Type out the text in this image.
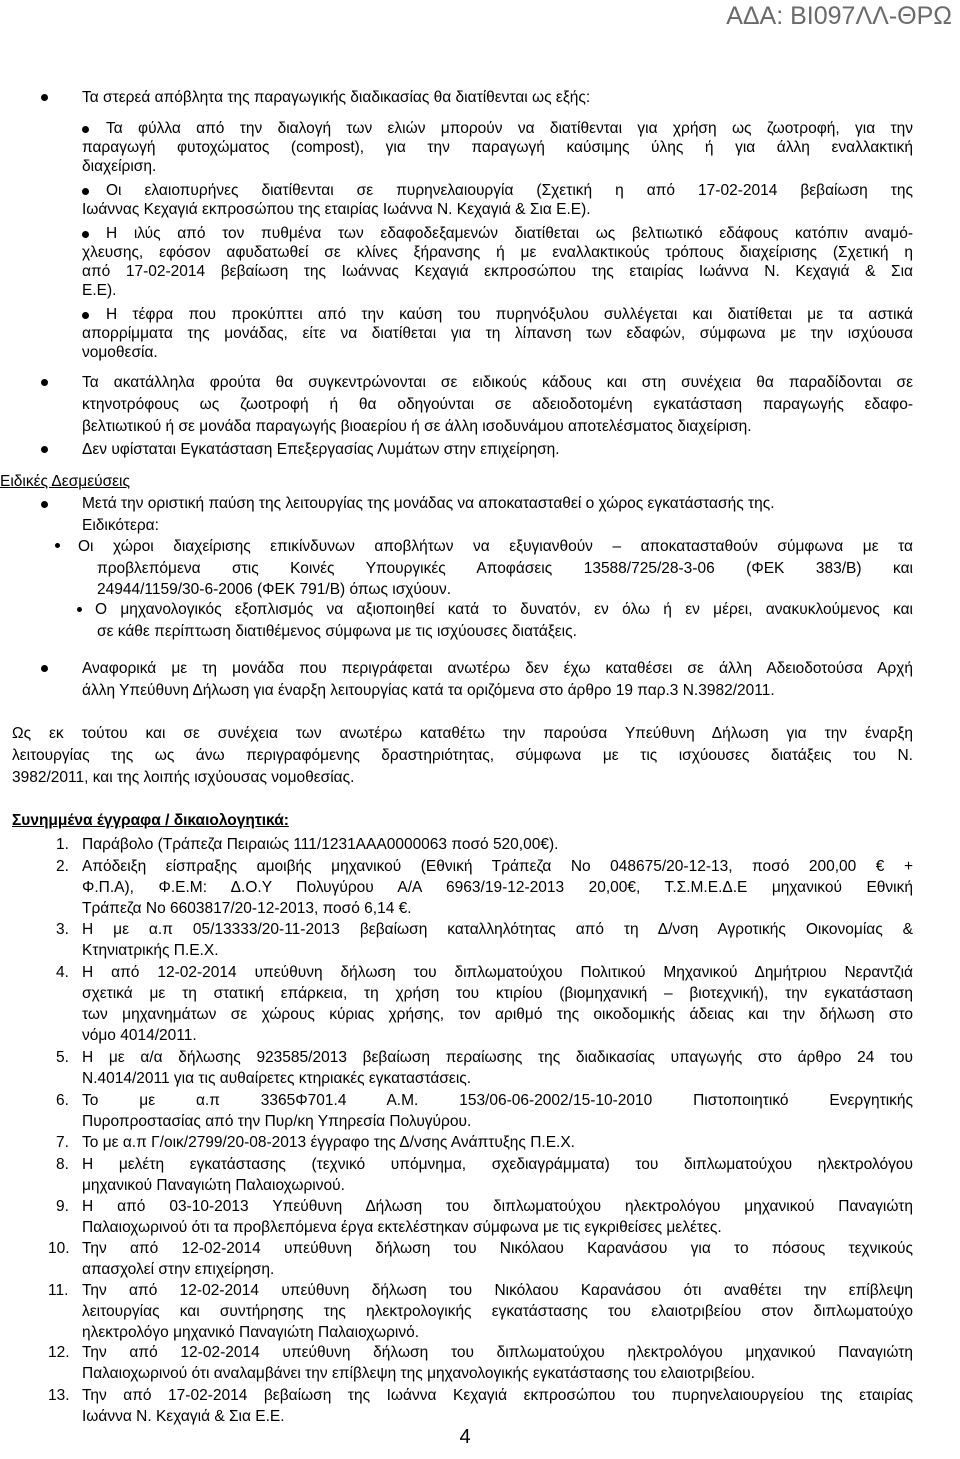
ΑΔΑ: ΒΙ097ΛΛ-ΘΡΩ
Τα στερεά απόβλητα της παραγωγικής διαδικασίας θα διατίθενται ως εξής:
Τα φύλλα από την διαλογή των ελιών μπορούν να διατίθενται για χρήση ως ζωοτροφή, για την
παραγωγή φυτοχώματος (compost), για την παραγωγή καύσιμης ύλης ή για άλλη εναλλακτική
διαχείριση.
Οι ελαιοπυρήνες διατίθενται σε πυρηνελαιουργία (Σχετική η από 17-02-2014 βεβαίωση της
Ιωάννας Κεχαγιά εκπροσώπου της εταιρίας Ιωάννα Ν. Κεχαγιά & Σια Ε.Ε).
Η ιλύς από τον πυθμένα των εδαφοδεξαμενών διατίθεται ως βελτιωτικό εδάφους κατόπιν αναμό-
χλευσης, εφόσον αφυδατωθεί σε κλίνες ξήρανσης ή με εναλλακτικούς τρόπους διαχείρισης (Σχετική η
από 17-02-2014 βεβαίωση της Ιωάννας Κεχαγιά εκπροσώπου της εταιρίας Ιωάννα Ν. Κεχαγιά & Σια
Ε.Ε).
Η τέφρα που προκύπτει από την καύση του πυρηνόξυλου συλλέγεται και διατίθεται με τα αστικά
απορρίμματα της μονάδας, είτε να διατίθεται για τη λίπανση των εδαφών, σύμφωνα με την ισχύουσα
νομοθεσία.
Τα ακατάλληλα φρούτα θα συγκεντρώνονται σε ειδικούς κάδους και στη συνέχεια θα παραδίδονται σε
κτηνοτρόφους ως ζωοτροφή ή θα οδηγούνται σε αδειοδοτομένη εγκατάσταση παραγωγής εδαφο-
βελτιωτικού ή σε μονάδα παραγωγής βιοαερίου ή σε άλλη ισοδυνάμου αποτελέσματος διαχείριση.
Δεν υφίσταται Εγκατάσταση Επεξεργασίας Λυμάτων στην επιχείρηση.
Ειδικές Δεσμεύσεις
Μετά την οριστική παύση της λειτουργίας της μονάδας να αποκατασταθεί ο χώρος εγκατάστασής της.
Ειδικότερα:
Οι χώροι διαχείρισης επικίνδυνων αποβλήτων να εξυγιανθούν – αποκατασταθούν σύμφωνα με τα
προβλεπόμενα στις Κοινές Υπουργικές Αποφάσεις 13588/725/28-3-06 (ΦΕΚ 383/Β) και
24944/1159/30-6-2006 (ΦΕΚ 791/Β) όπως ισχύουν.
Ο μηχανολογικός εξοπλισμός να αξιοποιηθεί κατά το δυνατόν, εν όλω ή εν μέρει, ανακυκλούμενος και
σε κάθε περίπτωση διατιθέμενος σύμφωνα με τις ισχύουσες διατάξεις.
Αναφορικά με τη μονάδα που περιγράφεται ανωτέρω δεν έχω καταθέσει σε άλλη Αδειοδοτούσα Αρχή
άλλη Υπεύθυνη Δήλωση για έναρξη λειτουργίας κατά τα οριζόμενα στο άρθρο 19 παρ.3 Ν.3982/2011.
Ως εκ τούτου και σε συνέχεια των ανωτέρω καταθέτω την παρούσα Υπεύθυνη Δήλωση για την έναρξη
λειτουργίας της ως άνω περιγραφόμενης δραστηριότητας, σύμφωνα με τις ισχύουσες διατάξεις του Ν.
3982/2011, και της λοιπής ισχύουσας νομοθεσίας.
Συνημμένα έγγραφα / δικαιολογητικά:
1. Παράβολο (Τράπεζα Πειραιώς 111/1231ΑΑΑ0000063 ποσό 520,00€).
2. Απόδειξη είσπραξης αμοιβής μηχανικού (Εθνική Τράπεζα Νο 048675/20-12-13, ποσό 200,00 € +
Φ.Π.Α), Φ.Ε.Μ: Δ.Ο.Υ Πολυγύρου Α/Α 6963/19-12-2013 20,00€, Τ.Σ.Μ.Ε.Δ.Ε μηχανικού Εθνική
Τράπεζα Νο 6603817/20-12-2013, ποσό 6,14 €.
3. Η με α.π 05/13333/20-11-2013 βεβαίωση καταλληλότητας από τη Δ/νση Αγροτικής Οικονομίας &
Κτηνιατρικής Π.Ε.Χ.
4. Η από 12-02-2014 υπεύθυνη δήλωση του διπλωματούχου Πολιτικού Μηχανικού Δημήτριου Νεραντζιά
σχετικά με τη στατική επάρκεια, τη χρήση του κτιρίου (βιομηχανική – βιοτεχνική), την εγκατάσταση
των μηχανημάτων σε χώρους κύριας χρήσης, τον αριθμό της οικοδομικής άδειας και την δήλωση στο
νόμο 4014/2011.
5. Η με α/α δήλωσης 923585/2013 βεβαίωση περαίωσης της διαδικασίας υπαγωγής στο άρθρο 24 του
Ν.4014/2011 για τις αυθαίρετες κτηριακές εγκαταστάσεις.
6. Το με α.π 3365Φ701.4 Α.Μ. 153/06-06-2002/15-10-2010 Πιστοποιητικό Ενεργητικής
Πυροπροστασίας από την Πυρ/κη Υπηρεσία Πολυγύρου.
7. Το με α.π Γ/οικ/2799/20-08-2013 έγγραφο της Δ/νσης Ανάπτυξης Π.Ε.Χ.
8. Η μελέτη εγκατάστασης (τεχνικό υπόμνημα, σχεδιαγράμματα) του διπλωματούχου ηλεκτρολόγου
μηχανικού Παναγιώτη Παλαιοχωρινού.
9. Η από 03-10-2013 Υπεύθυνη Δήλωση του διπλωματούχου ηλεκτρολόγου μηχανικού Παναγιώτη
Παλαιοχωρινού ότι τα προβλεπόμενα έργα εκτελέστηκαν σύμφωνα με τις εγκριθείσες μελέτες.
10. Την από 12-02-2014 υπεύθυνη δήλωση του Νικόλαου Καρανάσου για το πόσους τεχνικούς
απασχολεί στην επιχείρηση.
11. Την από 12-02-2014 υπεύθυνη δήλωση του Νικόλαου Καρανάσου ότι αναθέτει την επίβλεψη
λειτουργίας και συντήρησης της ηλεκτρολογικής εγκατάστασης του ελαιοτριβείου στον διπλωματούχο
ηλεκτρολόγο μηχανικό Παναγιώτη Παλαιοχωρινό.
12. Την από 12-02-2014 υπεύθυνη δήλωση του διπλωματούχου ηλεκτρολόγου μηχανικού Παναγιώτη
Παλαιοχωρινού ότι αναλαμβάνει την επίβλεψη της μηχανολογικής εγκατάστασης του ελαιοτριβείου.
13. Την από 17-02-2014 βεβαίωση της Ιωάννα Κεχαγιά εκπροσώπου του πυρηνελαιουργείου της εταιρίας
Ιωάννα Ν. Κεχαγιά & Σια Ε.Ε.
4
